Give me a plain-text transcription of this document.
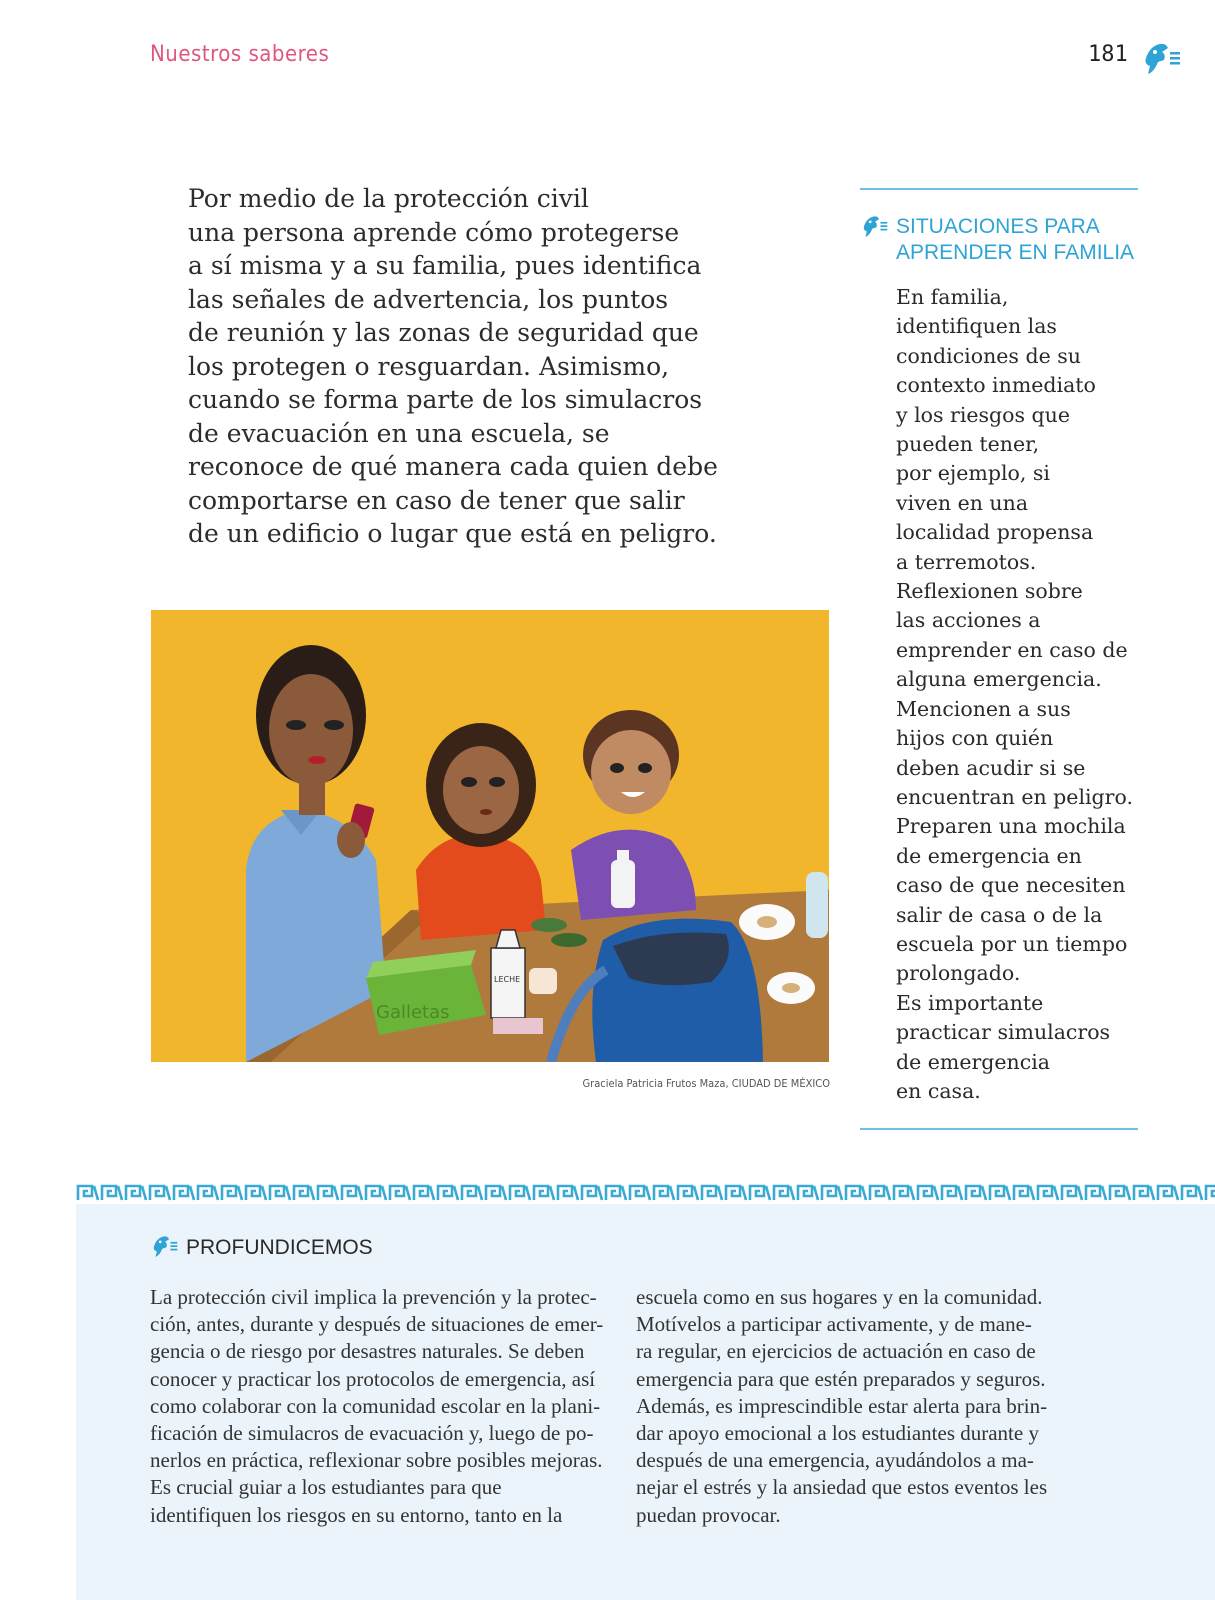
Nuestros saberes	181

Por medio de la protección civil
una persona aprende cómo protegerse
a sí misma y a su familia, pues identifica
las señales de advertencia, los puntos
de reunión y las zonas de seguridad que
los protegen o resguardan. Asimismo,
cuando se forma parte de los simulacros
de evacuación en una escuela, se
reconoce de qué manera cada quien debe
comportarse en caso de tener que salir
de un edificio o lugar que está en peligro.

SITUACIONES PARA
APRENDER EN FAMILIA

En familia,
identifiquen las
condiciones de su
contexto inmediato
y los riesgos que
pueden tener,
por ejemplo, si
viven en una
localidad propensa
a terremotos.
Reflexionen sobre
las acciones a
emprender en caso de
alguna emergencia.
Mencionen a sus
hijos con quién
deben acudir si se
encuentran en peligro.
Preparen una mochila
de emergencia en
caso de que necesiten
salir de casa o de la
escuela por un tiempo
prolongado.
Es importante
practicar simulacros
de emergencia
en casa.

Galletas
LECHE
Graciela Patricia Frutos Maza, CIUDAD DE MÉXICO
PROFUNDICEMOS

La protección civil implica la prevención y la protec-
ción, antes, durante y después de situaciones de emer-
gencia o de riesgo por desastres naturales. Se deben
conocer y practicar los protocolos de emergencia, así
como colaborar con la comunidad escolar en la plani-
ficación de simulacros de evacuación y, luego de po-
nerlos en práctica, reflexionar sobre posibles mejoras.
Es crucial guiar a los estudiantes para que
identifiquen los riesgos en su entorno, tanto en la

escuela como en sus hogares y en la comunidad.
Motívelos a participar activamente, y de mane-
ra regular, en ejercicios de actuación en caso de
emergencia para que estén preparados y seguros.
Además, es imprescindible estar alerta para brin-
dar apoyo emocional a los estudiantes durante y
después de una emergencia, ayudándolos a ma-
nejar el estrés y la ansiedad que estos eventos les
puedan provocar.
